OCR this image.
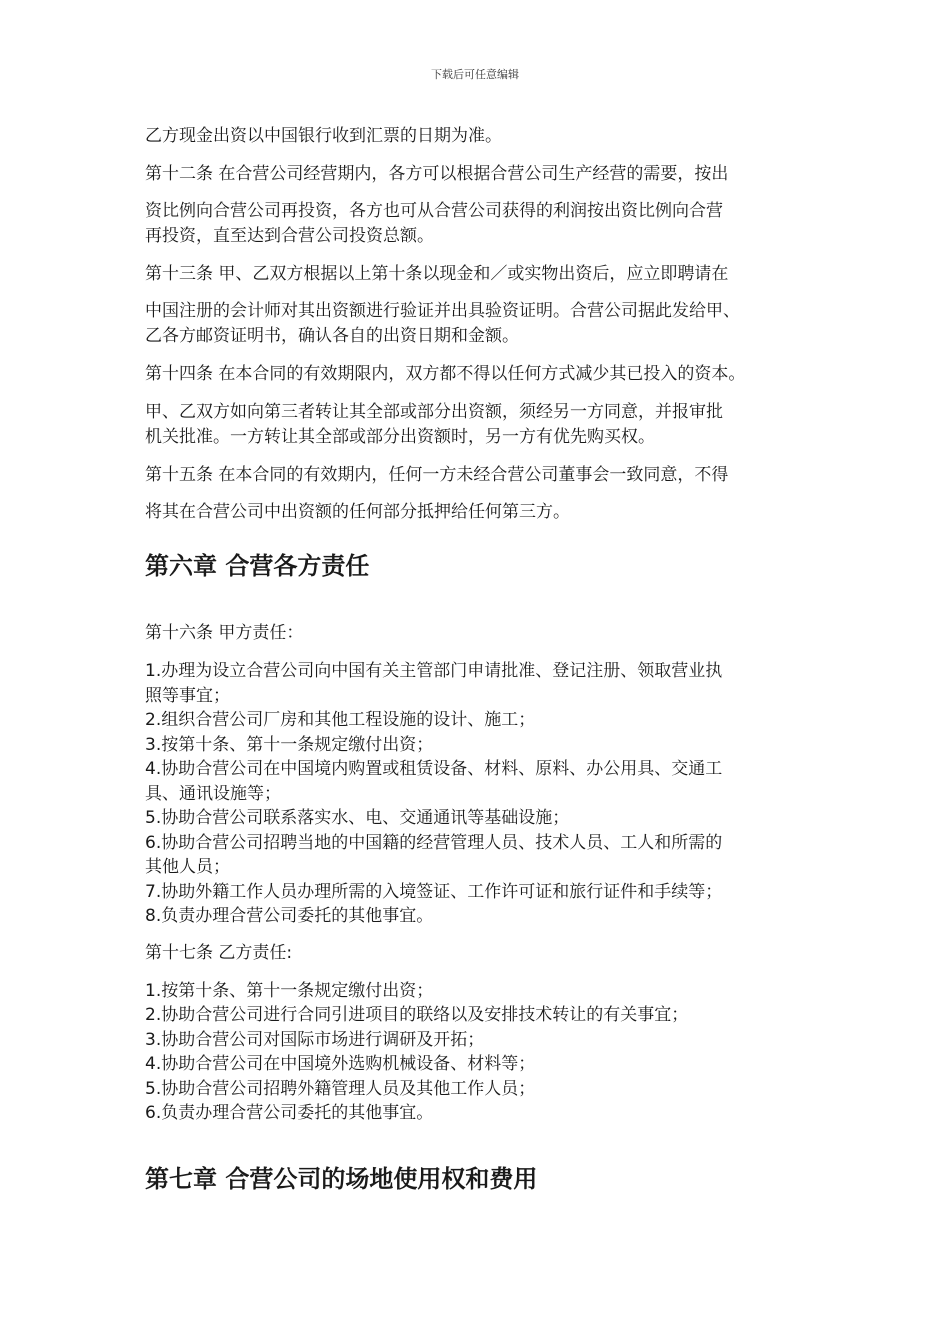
下载后可任意编辑
乙方现金出资以中国银行收到汇票的日期为准。
第十二条 在合营公司经营期内，各方可以根据合营公司生产经营的需要，按出
资比例向合营公司再投资，各方也可从合营公司获得的利润按出资比例向合营
再投资，直至达到合营公司投资总额。
第十三条 甲、乙双方根据以上第十条以现金和／或实物出资后，应立即聘请在
中国注册的会计师对其出资额进行验证并出具验资证明。合营公司据此发给甲、
乙各方邮资证明书，确认各自的出资日期和金额。
第十四条 在本合同的有效期限内，双方都不得以任何方式减少其已投入的资本。
甲、乙双方如向第三者转让其全部或部分出资额，须经另一方同意，并报审批
机关批准。一方转让其全部或部分出资额时，另一方有优先购买权。
第十五条 在本合同的有效期内，任何一方未经合营公司董事会一致同意，不得
将其在合营公司中出资额的任何部分抵押给任何第三方。
第六章 合营各方责任
第十六条 甲方责任：
1.办理为设立合营公司向中国有关主管部门申请批准、登记注册、领取营业执
照等事宜；
2.组织合营公司厂房和其他工程设施的设计、施工；
3.按第十条、第十一条规定缴付出资；
4.协助合营公司在中国境内购置或租赁设备、材料、原料、办公用具、交通工
具、通讯设施等；
5.协助合营公司联系落实水、电、交通通讯等基础设施；
6.协助合营公司招聘当地的中国籍的经营管理人员、技术人员、工人和所需的
其他人员；
7.协助外籍工作人员办理所需的入境签证、工作许可证和旅行证件和手续等；
8.负责办理合营公司委托的其他事宜。
第十七条 乙方责任:
1.按第十条、第十一条规定缴付出资；
2.协助合营公司进行合同引进项目的联络以及安排技术转让的有关事宜；
3.协助合营公司对国际市场进行调研及开拓；
4.协助合营公司在中国境外选购机械设备、材料等；
5.协助合营公司招聘外籍管理人员及其他工作人员；
6.负责办理合营公司委托的其他事宜。
第七章 合营公司的场地使用权和费用
